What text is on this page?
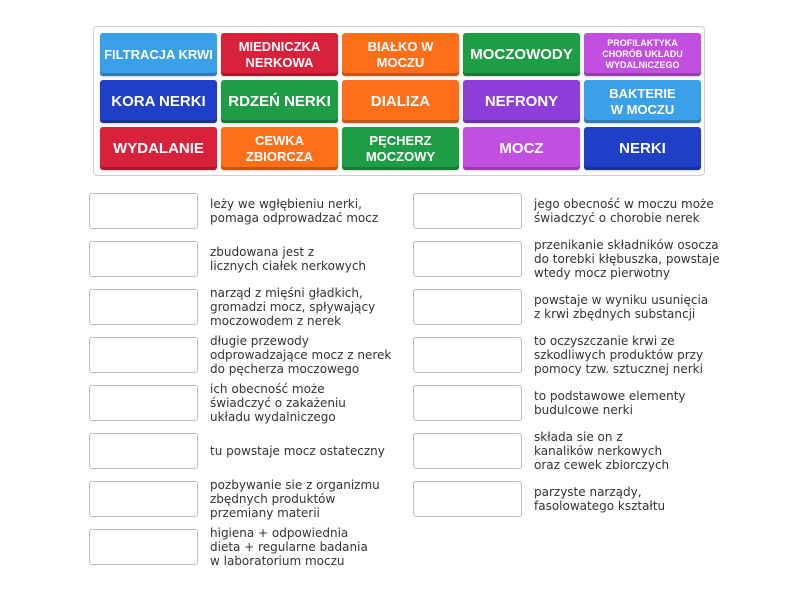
FILTRACJA KRWI
MIEDNICZKA
NERKOWA
BIAŁKO W
MOCZU	MOCZOWODY
PROFILAKTYKA
CHORÓB UKŁADU
WYDALNICZEGO
KORA NERKI	RDZEŃ NERKI	DIALIZA	NEFRONY	BAKTERIE
W MOCZU
WYDALANIE	CEWKA
ZBIORCZA
PĘCHERZ
MOCZOWY	MOCZ	NERKI
leży we wgłębieniu nerki,
pomaga odprowadzać mocz
zbudowana jest z
licznych ciałek nerkowych
narząd z mięśni gładkich,
gromadzi mocz, spływający
moczowodem z nerek
długie przewody
odprowadzające mocz z nerek
do pęcherza moczowego
ich obecność może
świadczyć o zakażeniu
układu wydalniczego
tu powstaje mocz ostateczny
pozbywanie sie z organizmu
zbędnych produktów
przemiany materii
higiena + odpowiednia
dieta + regularne badania
w laboratorium moczu
jego obecność w moczu może
świadczyć o chorobie nerek
przenikanie składników osocza
do torebki kłębuszka, powstaje
wtedy mocz pierwotny
powstaje w wyniku usunięcia
z krwi zbędnych substancji
to oczyszczanie krwi ze
szkodliwych produktów przy
pomocy tzw. sztucznej nerki
to podstawowe elementy
budulcowe nerki
składa sie on z
kanalików nerkowych
oraz cewek zbiorczych
parzyste narządy,
fasolowatego kształtu
